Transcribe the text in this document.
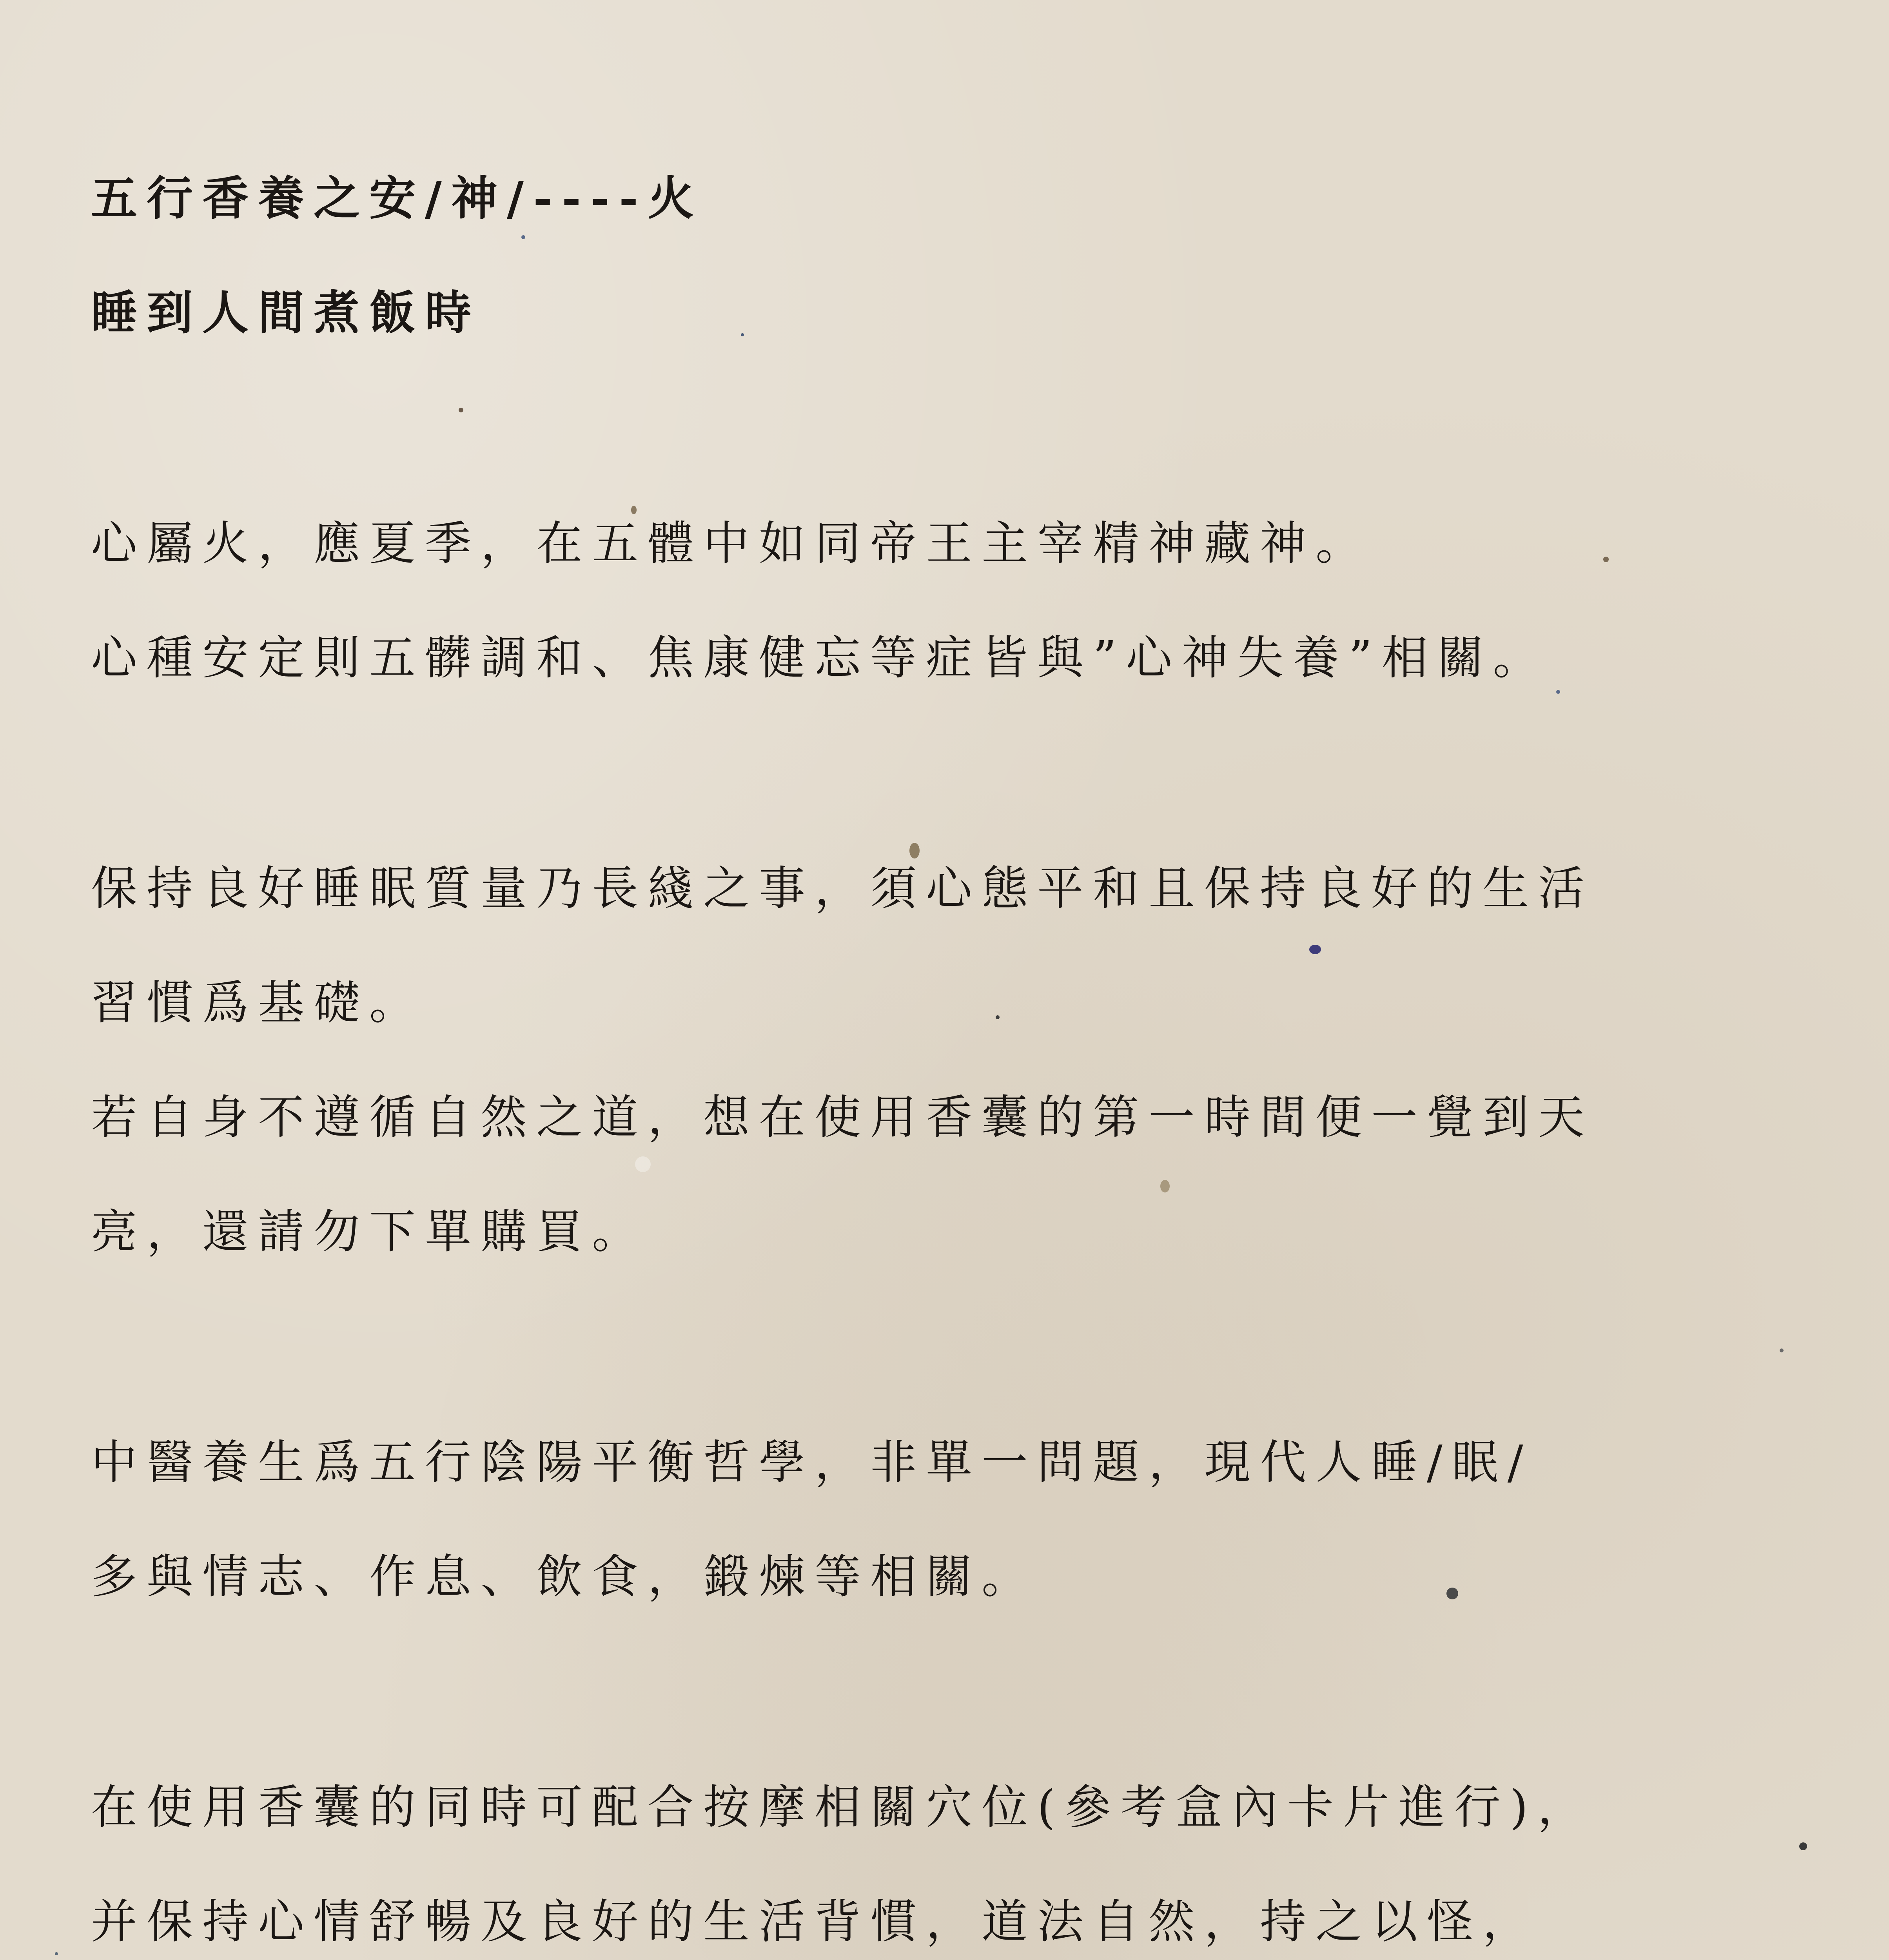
五行香養之安/神/----火
睡到人間煮飯時
心屬火，應夏季，在五體中如同帝王主宰精神藏神。
心種安定則五髒調和、焦康健忘等症皆與”心神失養”相關。
保持良好睡眠質量乃長綫之事，須心態平和且保持良好的生活
習慣爲基礎。
若自身不遵循自然之道，想在使用香囊的第一時間便一覺到天
亮，還請勿下單購買。
中醫養生爲五行陰陽平衡哲學，非單一問題，現代人睡/眠/
多與情志、作息、飲食，鍛煉等相關。
在使用香囊的同時可配合按摩相關穴位(參考盒內卡片進行)，
并保持心情舒暢及良好的生活背慣，道法自然，持之以怪，
